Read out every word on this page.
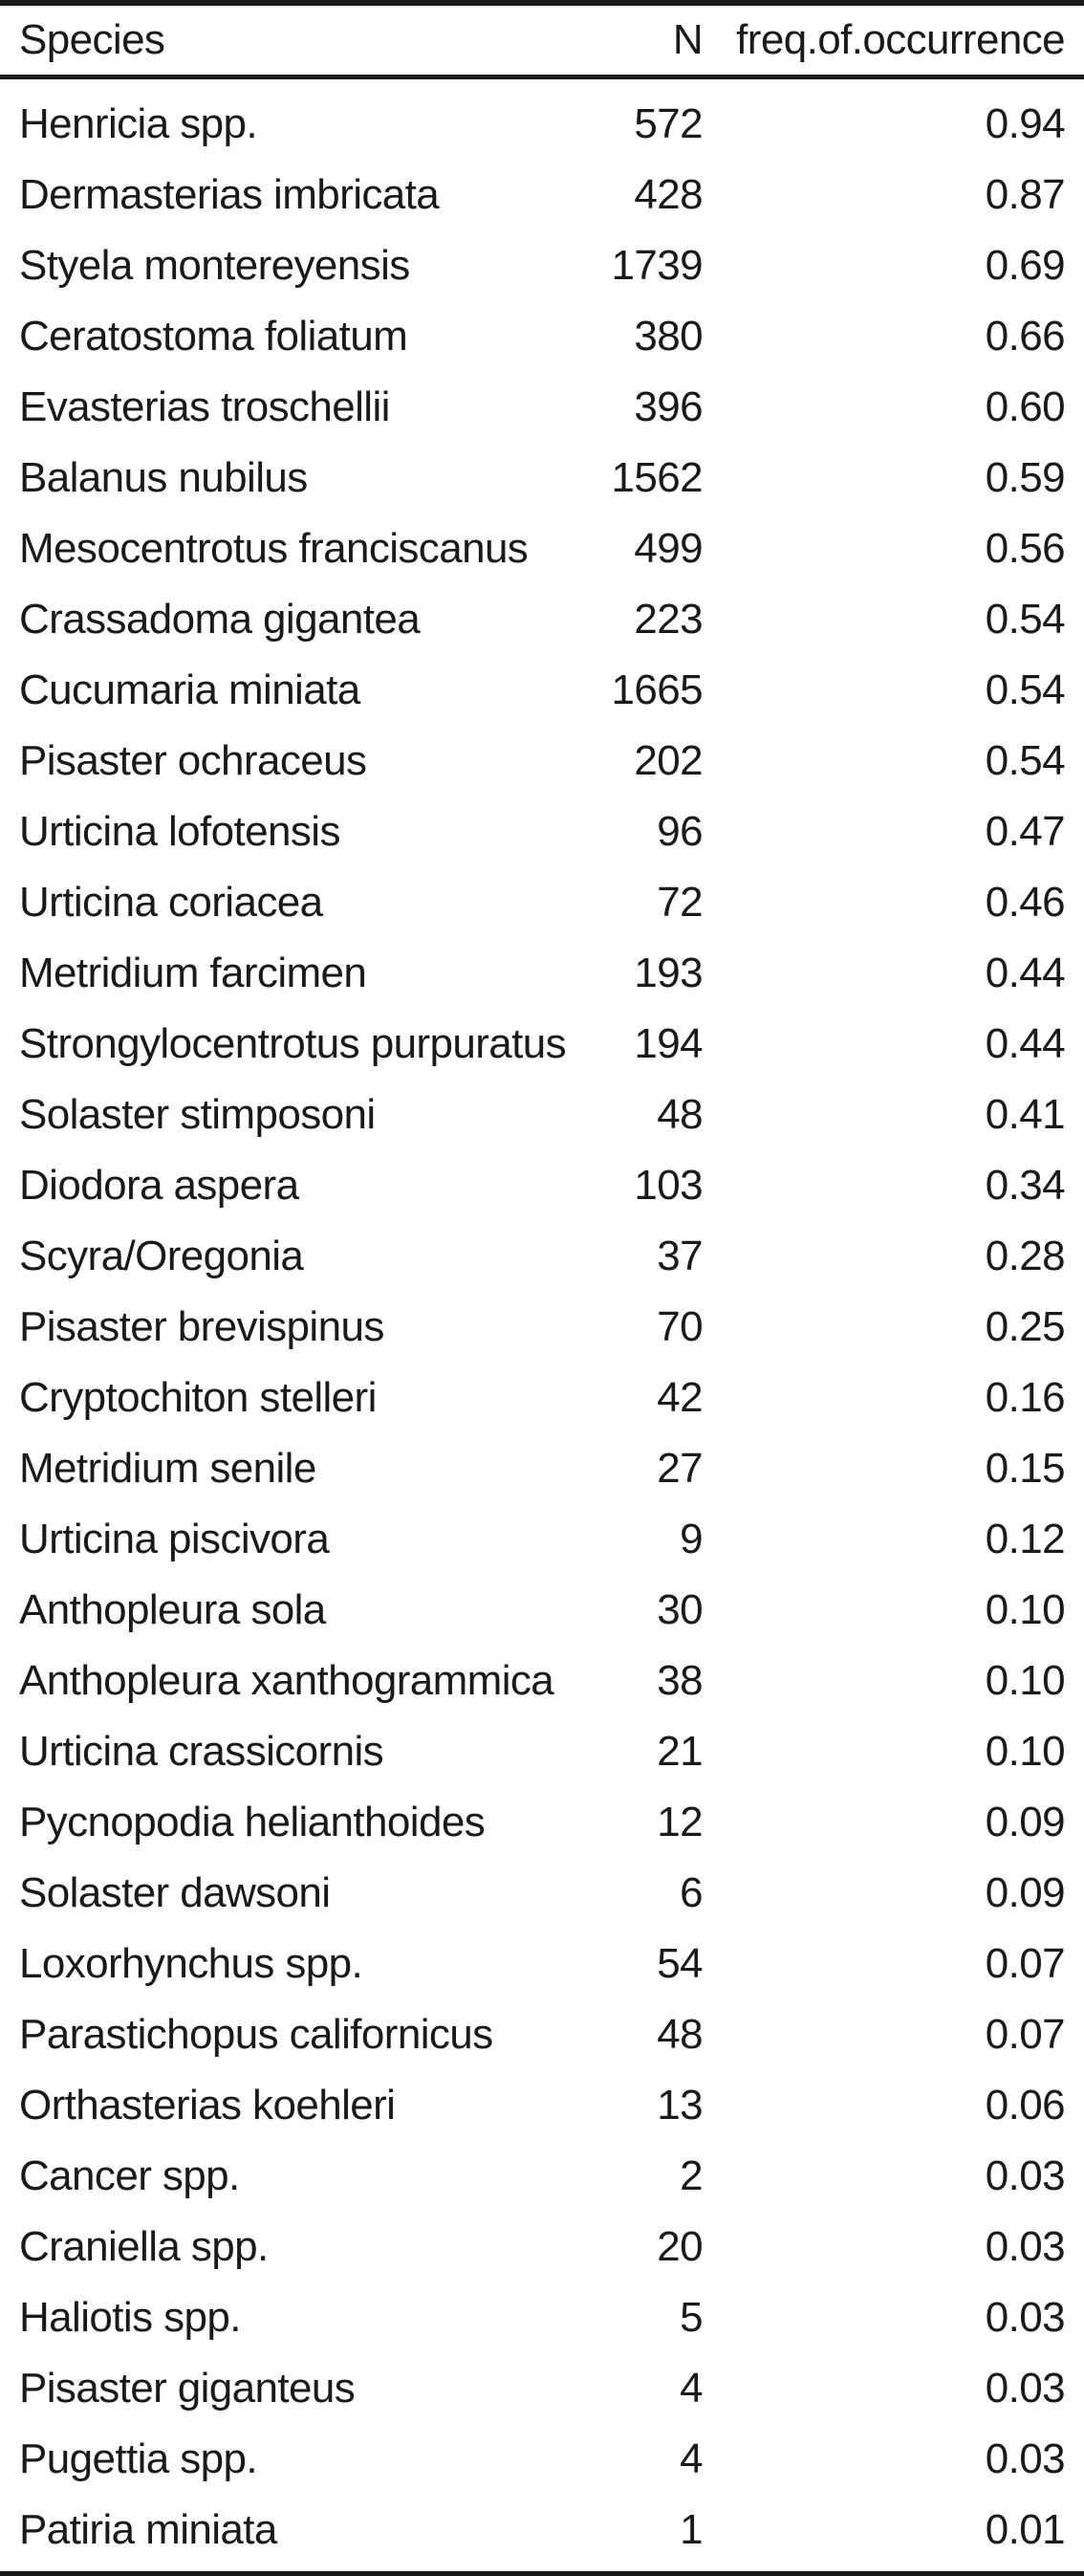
Species	N	freq.of.occurrence
Henricia spp.	572	0.94
Dermasterias imbricata	428	0.87
Styela montereyensis	1739	0.69
Ceratostoma foliatum	380	0.66
Evasterias troschellii	396	0.60
Balanus nubilus	1562	0.59
Mesocentrotus franciscanus	499	0.56
Crassadoma gigantea	223	0.54
Cucumaria miniata	1665	0.54
Pisaster ochraceus	202	0.54
Urticina lofotensis	96	0.47
Urticina coriacea	72	0.46
Metridium farcimen	193	0.44
Strongylocentrotus purpuratus	194	0.44
Solaster stimposoni	48	0.41
Diodora aspera	103	0.34
Scyra/Oregonia	37	0.28
Pisaster brevispinus	70	0.25
Cryptochiton stelleri	42	0.16
Metridium senile	27	0.15
Urticina piscivora	9	0.12
Anthopleura sola	30	0.10
Anthopleura xanthogrammica	38	0.10
Urticina crassicornis	21	0.10
Pycnopodia helianthoides	12	0.09
Solaster dawsoni	6	0.09
Loxorhynchus spp.	54	0.07
Parastichopus californicus	48	0.07
Orthasterias koehleri	13	0.06
Cancer spp.	2	0.03
Craniella spp.	20	0.03
Haliotis spp.	5	0.03
Pisaster giganteus	4	0.03
Pugettia spp.	4	0.03
Patiria miniata	1	0.01
